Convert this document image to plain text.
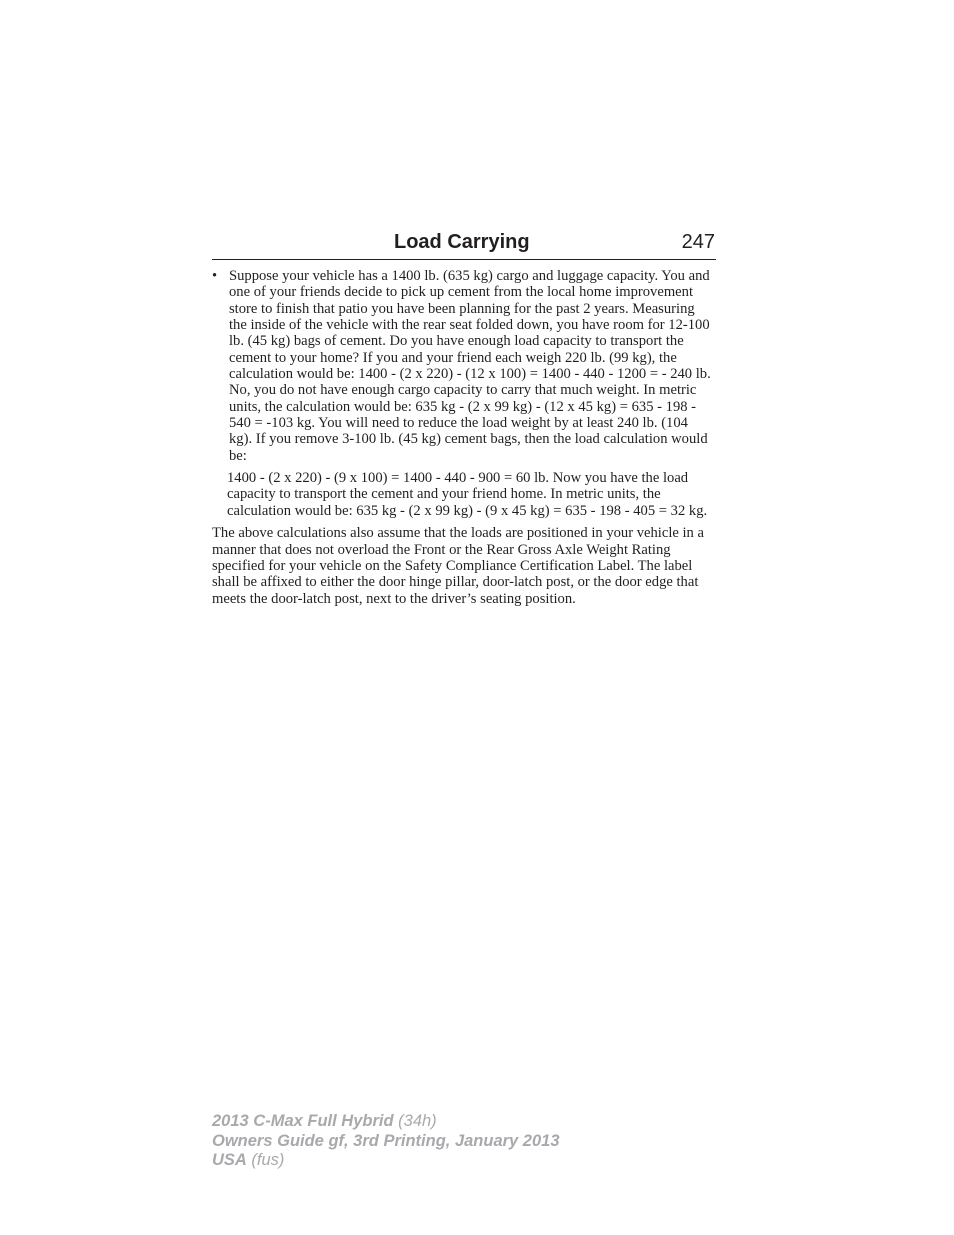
Load Carrying	247
• Suppose your vehicle has a 1400 lb. (635 kg) cargo and luggage capacity. You and one of your friends decide to pick up cement from the local home improvement store to finish that patio you have been planning for the past 2 years. Measuring the inside of the vehicle with the rear seat folded down, you have room for 12-100 lb. (45 kg) bags of cement. Do you have enough load capacity to transport the cement to your home? If you and your friend each weigh 220 lb. (99 kg), the calculation would be: 1400 - (2 x 220) - (12 x 100) = 1400 - 440 - 1200 = - 240 lb. No, you do not have enough cargo capacity to carry that much weight. In metric units, the calculation would be: 635 kg - (2 x 99 kg) - (12 x 45 kg) = 635 - 198 - 540 = -103 kg. You will need to reduce the load weight by at least 240 lb. (104 kg). If you remove 3-100 lb. (45 kg) cement bags, then the load calculation would be:

1400 - (2 x 220) - (9 x 100) = 1400 - 440 - 900 = 60 lb. Now you have the load capacity to transport the cement and your friend home. In metric units, the calculation would be: 635 kg - (2 x 99 kg) - (9 x 45 kg) = 635 - 198 - 405 = 32 kg.

The above calculations also assume that the loads are positioned in your vehicle in a manner that does not overload the Front or the Rear Gross Axle Weight Rating specified for your vehicle on the Safety Compliance Certification Label. The label shall be affixed to either the door hinge pillar, door-latch post, or the door edge that meets the door-latch post, next to the driver’s seating position.

2013 C-Max Full Hybrid (34h)
Owners Guide gf, 3rd Printing, January 2013
USA (fus)
